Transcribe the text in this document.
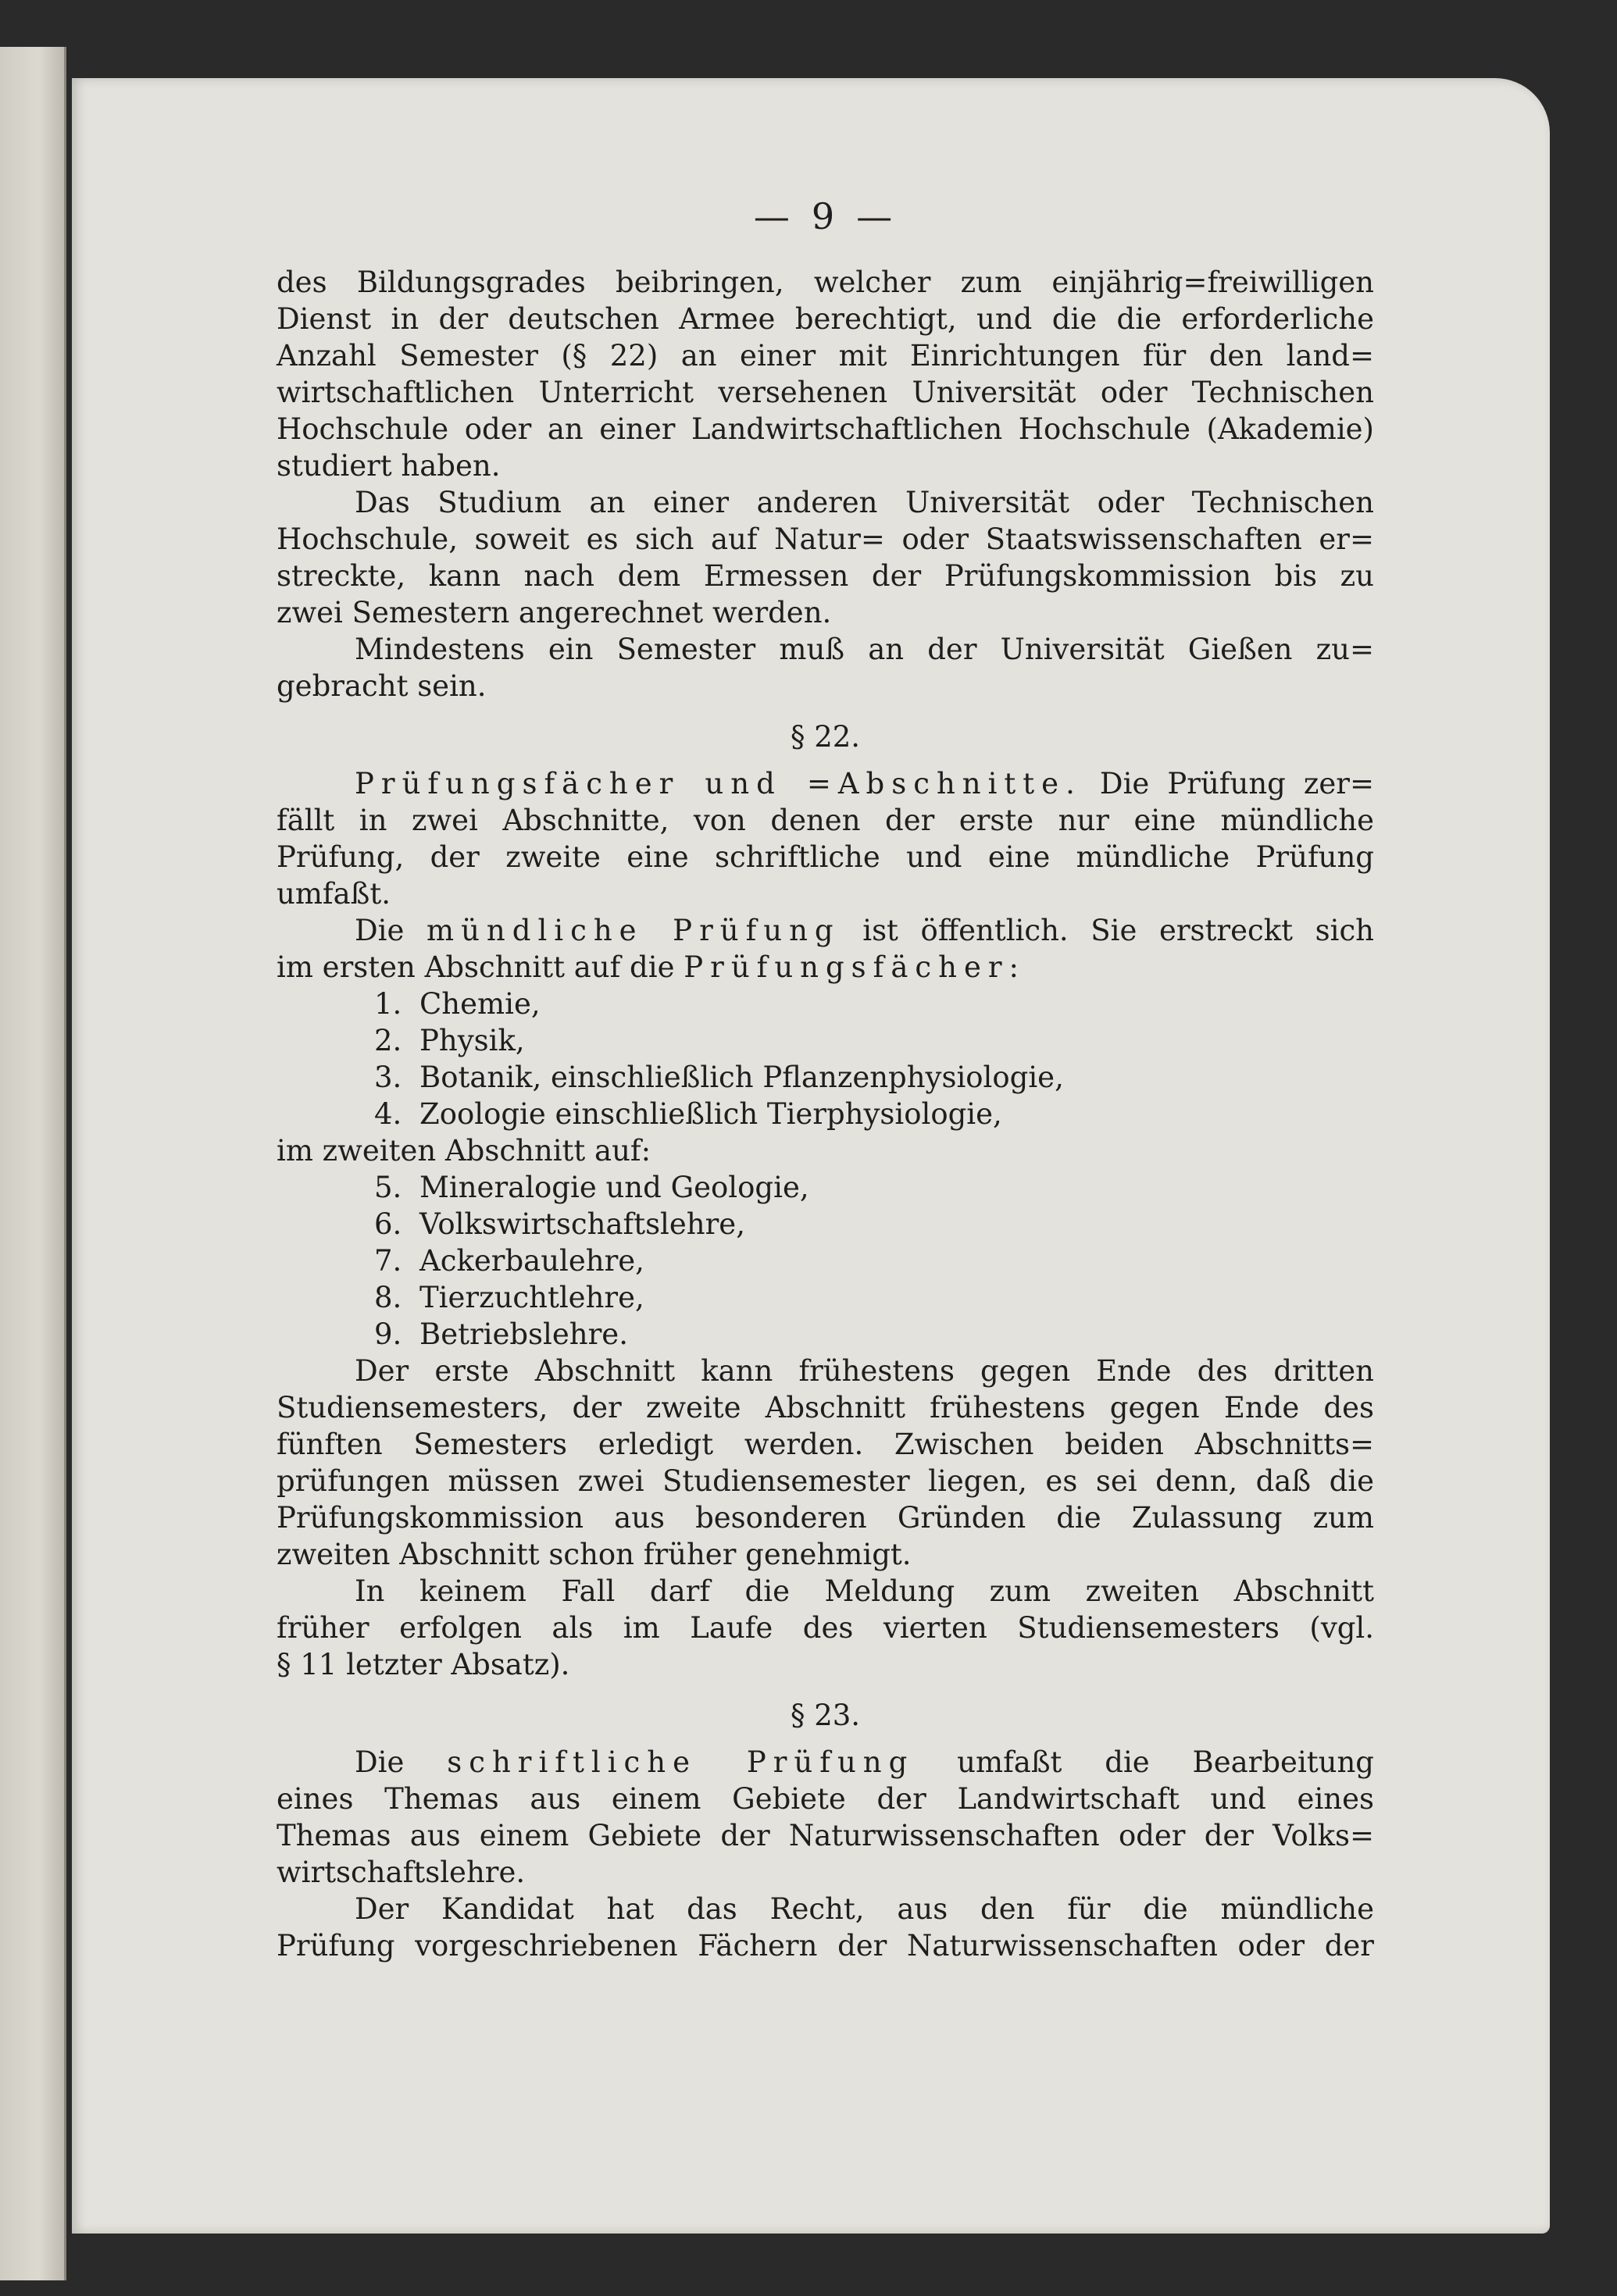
— 9 —
des Bildungsgrades beibringen, welcher zum einjährig=freiwilligen
Dienst in der deutschen Armee berechtigt, und die die erforderliche
Anzahl Semester (§ 22) an einer mit Einrichtungen für den land=
wirtschaftlichen Unterricht versehenen Universität oder Technischen
Hochschule oder an einer Landwirtschaftlichen Hochschule (Akademie)
studiert haben.
Das Studium an einer anderen Universität oder Technischen
Hochschule, soweit es sich auf Natur= oder Staatswissenschaften er=
streckte, kann nach dem Ermessen der Prüfungskommission bis zu
zwei Semestern angerechnet werden.
Mindestens ein Semester muß an der Universität Gießen zu=
gebracht sein.
§ 22.
Prüfungsfächer und =Abschnitte. Die Prüfung zer=
fällt in zwei Abschnitte, von denen der erste nur eine mündliche
Prüfung, der zweite eine schriftliche und eine mündliche Prüfung
umfaßt.
Die mündliche Prüfung ist öffentlich. Sie erstreckt sich
im ersten Abschnitt auf die Prüfungsfächer:
1. Chemie,
2. Physik,
3. Botanik, einschließlich Pflanzenphysiologie,
4. Zoologie einschließlich Tierphysiologie,
im zweiten Abschnitt auf:
5. Mineralogie und Geologie,
6. Volkswirtschaftslehre,
7. Ackerbaulehre,
8. Tierzuchtlehre,
9. Betriebslehre.
Der erste Abschnitt kann frühestens gegen Ende des dritten
Studiensemesters, der zweite Abschnitt frühestens gegen Ende des
fünften Semesters erledigt werden. Zwischen beiden Abschnitts=
prüfungen müssen zwei Studiensemester liegen, es sei denn, daß die
Prüfungskommission aus besonderen Gründen die Zulassung zum
zweiten Abschnitt schon früher genehmigt.
In keinem Fall darf die Meldung zum zweiten Abschnitt
früher erfolgen als im Laufe des vierten Studiensemesters (vgl.
§ 11 letzter Absatz).
§ 23.
Die schriftliche Prüfung umfaßt die Bearbeitung
eines Themas aus einem Gebiete der Landwirtschaft und eines
Themas aus einem Gebiete der Naturwissenschaften oder der Volks=
wirtschaftslehre.
Der Kandidat hat das Recht, aus den für die mündliche
Prüfung vorgeschriebenen Fächern der Naturwissenschaften oder der
